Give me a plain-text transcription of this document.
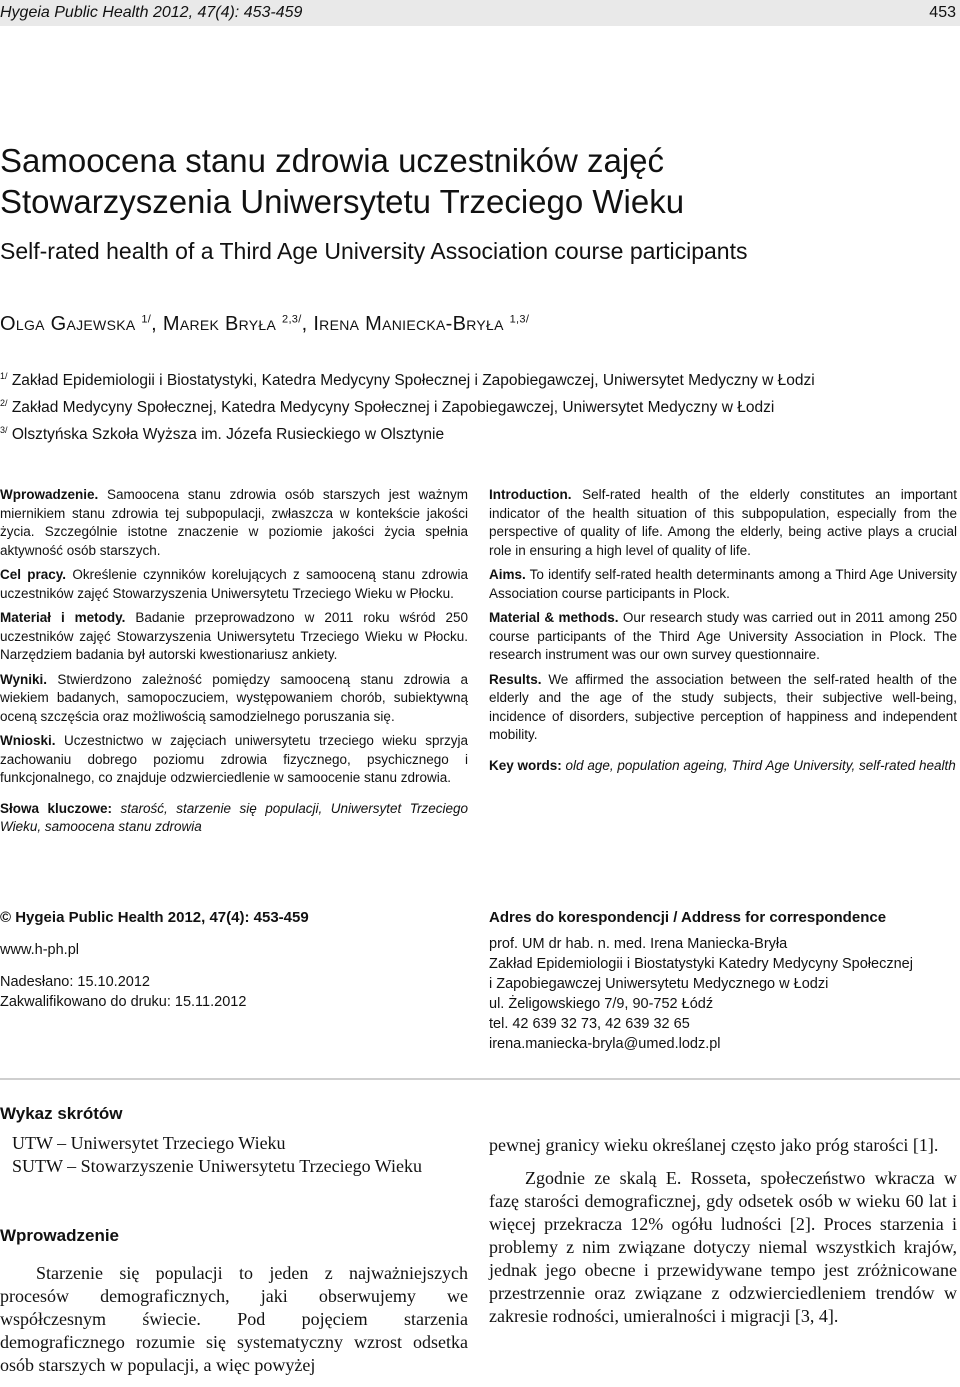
Hygeia Public Health 2012, 47(4): 453-459	453
Samoocena stanu zdrowia uczestników zajęć
Stowarzyszenia Uniwersytetu Trzeciego Wieku
Self-rated health of a Third Age University Association course participants
Olga Gajewska $^{1/}$, Marek Bryła $^{2,3/}$, Irena Maniecka-Bryła $^{1,3/}$
$^{1/}$ Zakład Epidemiologii i Biostatystyki, Katedra Medycyny Społecznej i Zapobiegawczej, Uniwersytet Medyczny w Łodzi
$^{2/}$ Zakład Medycyny Społecznej, Katedra Medycyny Społecznej i Zapobiegawczej, Uniwersytet Medyczny w Łodzi
$^{3/}$ Olsztyńska Szkoła Wyższa im. Józefa Rusieckiego w Olsztynie

Wprowadzenie. Samoocena stanu zdrowia osób starszych jest ważnym miernikiem stanu zdrowia tej subpopulacji, zwłaszcza w kontekście jakości życia. Szczególnie istotne znaczenie w poziomie jakości życia spełnia aktywność osób starszych.

Cel pracy. Określenie czynników korelujących z samooceną stanu zdrowia uczestników zajęć Stowarzyszenia Uniwersytetu Trzeciego Wieku w Płocku.

Materiał i metody. Badanie przeprowadzono w 2011 roku wśród 250 uczestników zajęć Stowarzyszenia Uniwersytetu Trzeciego Wieku w Płocku. Narzędziem badania był autorski kwestionariusz ankiety.

Wyniki. Stwierdzono zależność pomiędzy samooceną stanu zdrowia a wiekiem badanych, samopoczuciem, występowaniem chorób, subiektywną oceną szczęścia oraz możliwością samodzielnego poruszania się.

Wnioski. Uczestnictwo w zajęciach uniwersytetu trzeciego wieku sprzyja zachowaniu dobrego poziomu zdrowia fizycznego, psychicznego i funkcjonalnego, co znajduje odzwierciedlenie w samoocenie stanu zdrowia.

Słowa kluczowe: starość, starzenie się populacji, Uniwersytet Trzeciego Wieku, samoocena stanu zdrowia

Introduction. Self-rated health of the elderly constitutes an important indicator of the health situation of this subpopulation, especially from the perspective of quality of life. Among the elderly, being active plays a crucial role in ensuring a high level of quality of life.

Aims. To identify self-rated health determinants among a Third Age University Association course participants in Plock.

Material & methods. Our research study was carried out in 2011 among 250 course participants of the Third Age University Association in Plock. The research instrument was our own survey questionnaire.

Results. We affirmed the association between the self-rated health of the elderly and the age of the study subjects, their subjective well-being, incidence of disorders, subjective perception of happiness and independent mobility.

Key words: old age, population ageing, Third Age University, self-rated health

© Hygeia Public Health 2012, 47(4): 453-459

www.h-ph.pl

Nadesłano: 15.10.2012
Zakwalifikowano do druku: 15.11.2012
Adres do korespondencji / Address for correspondence
prof. UM dr hab. n. med. Irena Maniecka-Bryła
Zakład Epidemiologii i Biostatystyki Katedry Medycyny Społecznej
i Zapobiegawczej Uniwersytetu Medycznego w Łodzi
ul. Żeligowskiego 7/9, 90-752 Łódź
tel. 42 639 32 73, 42 639 32 65
irena.maniecka-bryla@umed.lodz.pl
Wykaz skrótów
UTW – Uniwersytet Trzeciego Wieku
SUTW – Stowarzyszenie Uniwersytetu Trzeciego Wieku
Wprowadzenie

Starzenie się populacji to jeden z najważniejszych procesów demograficznych, jaki obserwujemy we współczesnym świecie. Pod pojęciem starzenia demograficznego rozumie się systematyczny wzrost odsetka osób starszych w populacji, a więc powyżej

pewnej granicy wieku określanej często jako próg starości [1].

Zgodnie ze skalą E. Rosseta, społeczeństwo wkracza w fazę starości demograficznej, gdy odsetek osób w wieku 60 lat i więcej przekracza 12% ogółu ludności [2]. Proces starzenia i problemy z nim związane dotyczy niemal wszystkich krajów, jednak jego obecne i przewidywane tempo jest zróżnicowane przestrzennie oraz związane z odzwierciedleniem trendów w zakresie rodności, umieralności i migracji [3, 4].
